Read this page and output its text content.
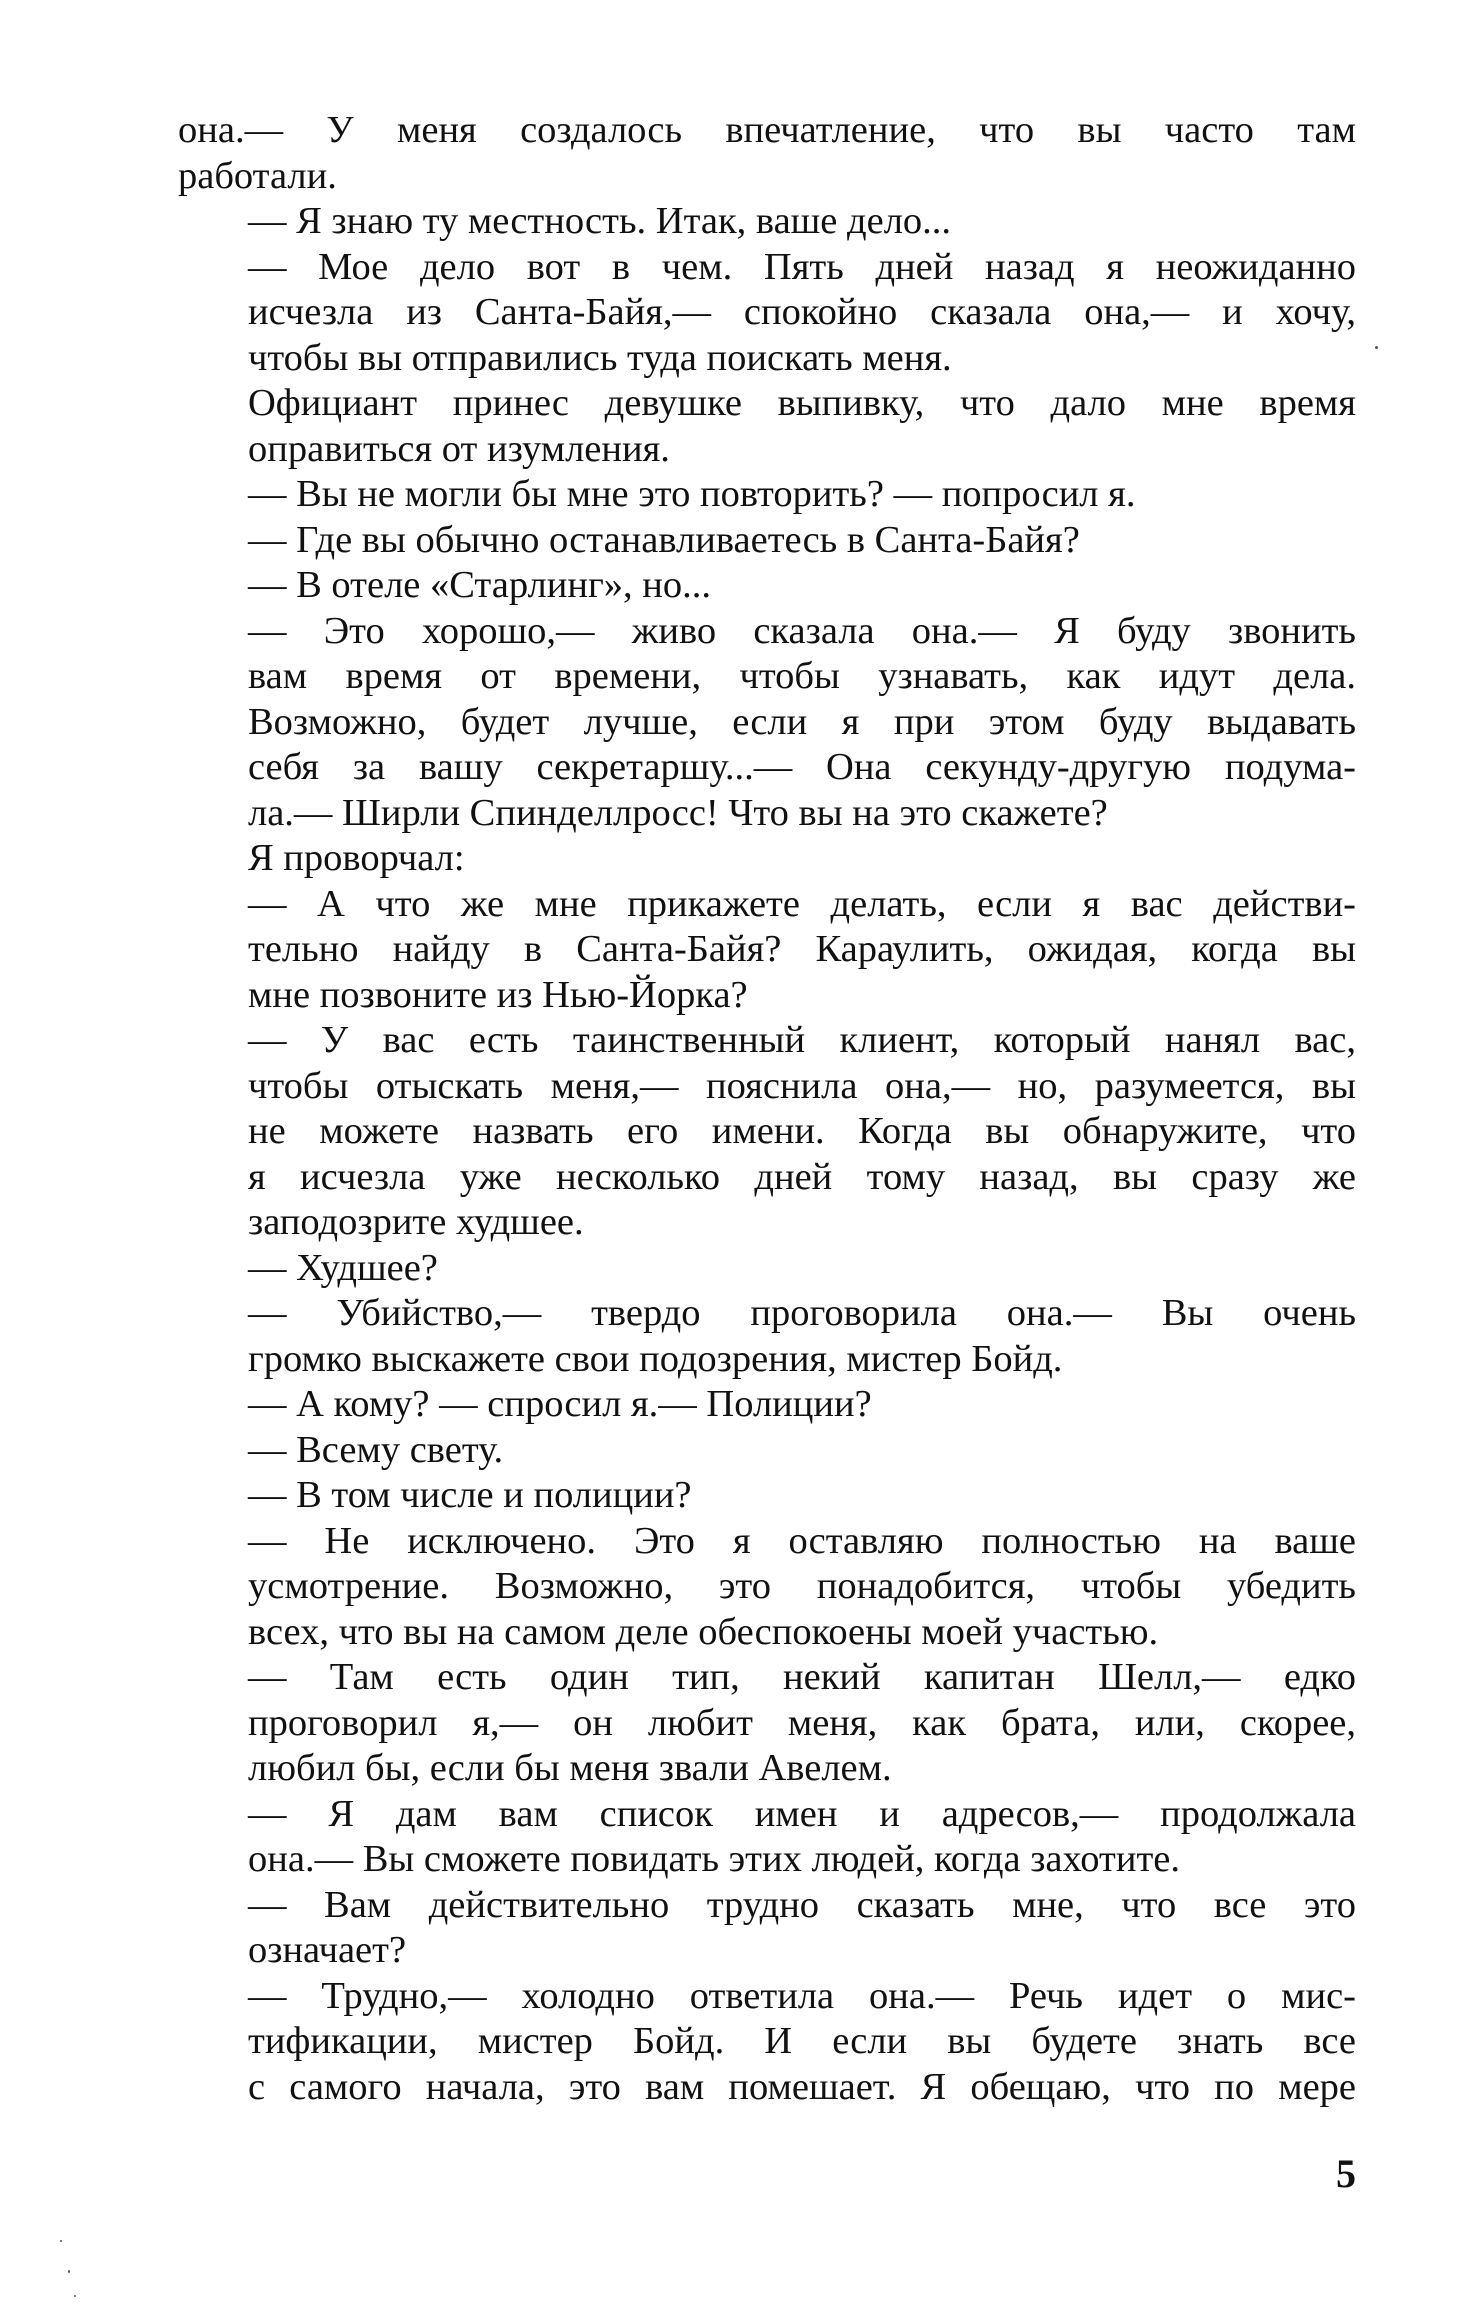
она.— У меня создалось впечатление, что вы часто там
работали.

— Я знаю ту местность. Итак, ваше дело...

— Мое дело вот в чем. Пять дней назад я неожиданно
исчезла из Санта-Байя,— спокойно сказала она,— и хочу,
чтобы вы отправились туда поискать меня.

Официант принес девушке выпивку, что дало мне время
оправиться от изумления.

— Вы не могли бы мне это повторить? — попросил я.

— Где вы обычно останавливаетесь в Санта-Байя?

— В отеле «Старлинг», но...

— Это хорошо,— живо сказала она.— Я буду звонить
вам время от времени, чтобы узнавать, как идут дела.
Возможно, будет лучше, если я при этом буду выдавать
себя за вашу секретаршу...— Она секунду-другую подума-
ла.— Ширли Спинделлросс! Что вы на это скажете?

Я проворчал:

— А что же мне прикажете делать, если я вас действи-
тельно найду в Санта-Байя? Караулить, ожидая, когда вы
мне позвоните из Нью-Йорка?

— У вас есть таинственный клиент, который нанял вас,
чтобы отыскать меня,— пояснила она,— но, разумеется, вы
не можете назвать его имени. Когда вы обнаружите, что
я исчезла уже несколько дней тому назад, вы сразу же
заподозрите худшее.

— Худшее?

— Убийство,— твердо проговорила она.— Вы очень
громко выскажете свои подозрения, мистер Бойд.

— А кому? — спросил я.— Полиции?

— Всему свету.

— В том числе и полиции?

— Не исключено. Это я оставляю полностью на ваше
усмотрение. Возможно, это понадобится, чтобы убедить
всех, что вы на самом деле обеспокоены моей участью.

— Там есть один тип, некий капитан Шелл,— едко
проговорил я,— он любит меня, как брата, или, скорее,
любил бы, если бы меня звали Авелем.

— Я дам вам список имен и адресов,— продолжала
она.— Вы сможете повидать этих людей, когда захотите.

— Вам действительно трудно сказать мне, что все это
означает?

— Трудно,— холодно ответила она.— Речь идет о мис-
тификации, мистер Бойд. И если вы будете знать все
с самого начала, это вам помешает. Я обещаю, что по мере

5
